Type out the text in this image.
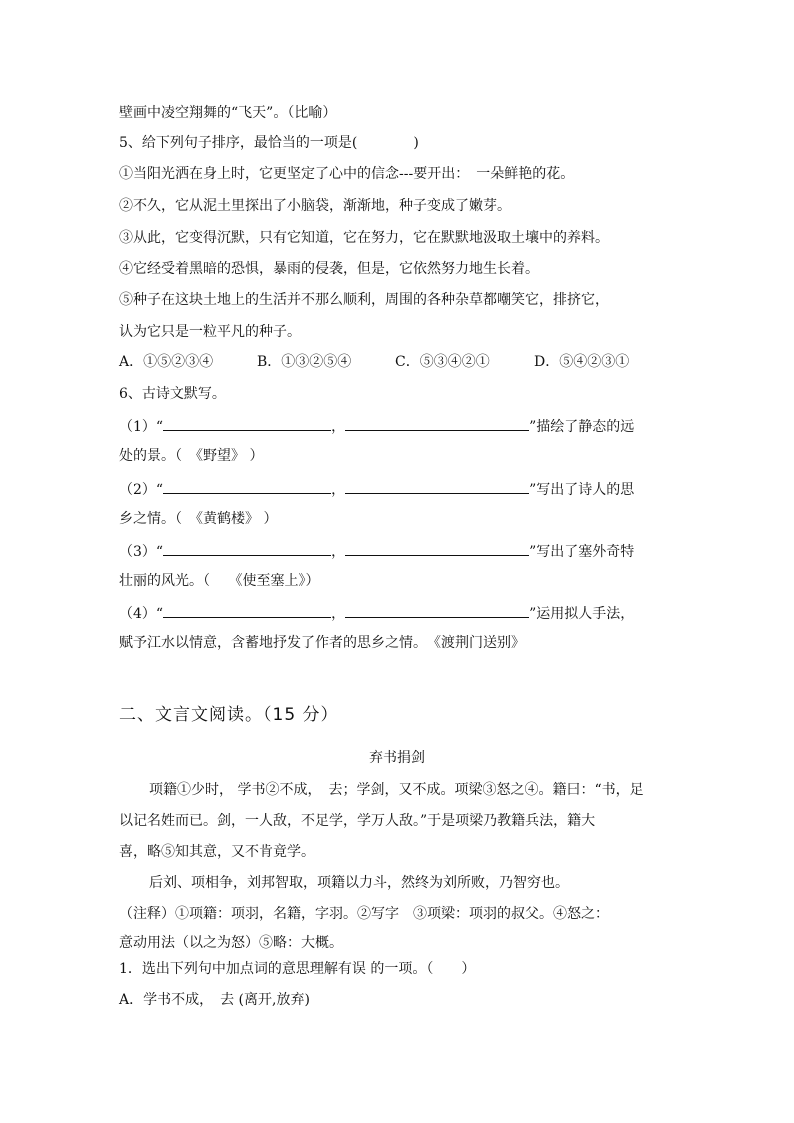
壁画中凌空翔舞的“飞天”。（比喻）
5、给下列句子排序，最恰当的一项是(　　　　)
①当阳光洒在身上时，它更坚定了心中的信念---要开出：　一朵鲜艳的花。
②不久，它从泥土里探出了小脑袋，渐渐地，种子变成了嫩芽。
③从此，它变得沉默，只有它知道，它在努力，它在默默地汲取土壤中的养料。
④它经受着黑暗的恐惧，暴雨的侵袭，但是，它依然努力地生长着。
⑤种子在这块土地上的生活并不那么顺利，周围的各种杂草都嘲笑它，排挤它，
认为它只是一粒平凡的种子。
A．①⑤②③④	B．①③②⑤④	C．⑤③④②①	D．⑤④②③①
6、古诗文默写。
（1）“	，	”描绘了静态的远
处的景。（　《野望》 ）
（2）“	，	”写出了诗人的思
乡之情。（　《黄鹤楼》 ）
（3）“	，	”写出了塞外奇特
壮丽的风光。（　 《使至塞上》）
（4）“	，	”运用拟人手法，
赋予江水以情意，含蓄地抒发了作者的思乡之情。　《渡荆门送别》
二、文言文阅读。（15 分）
弃书捐剑
项籍①少时， 学书②不成，　去；学剑，又不成。项梁③怒之④。籍曰：“书，足
以记名姓而已。剑，一人敌，不足学，学万人敌。”于是项梁乃教籍兵法，籍大
喜，略⑤知其意，又不肯竟学。
后刘、项相争，刘邦智取，项籍以力斗，然终为刘所败，乃智穷也。
（注释）①项籍：项羽，名籍，字羽。②写字　③项梁：项羽的叔父。④怒之：
意动用法（以之为怒）⑤略：大概。
1．选出下列句中加点词的意思理解有误 的一项。（　　）
A．学书不成，　去 (离开,放弃)
